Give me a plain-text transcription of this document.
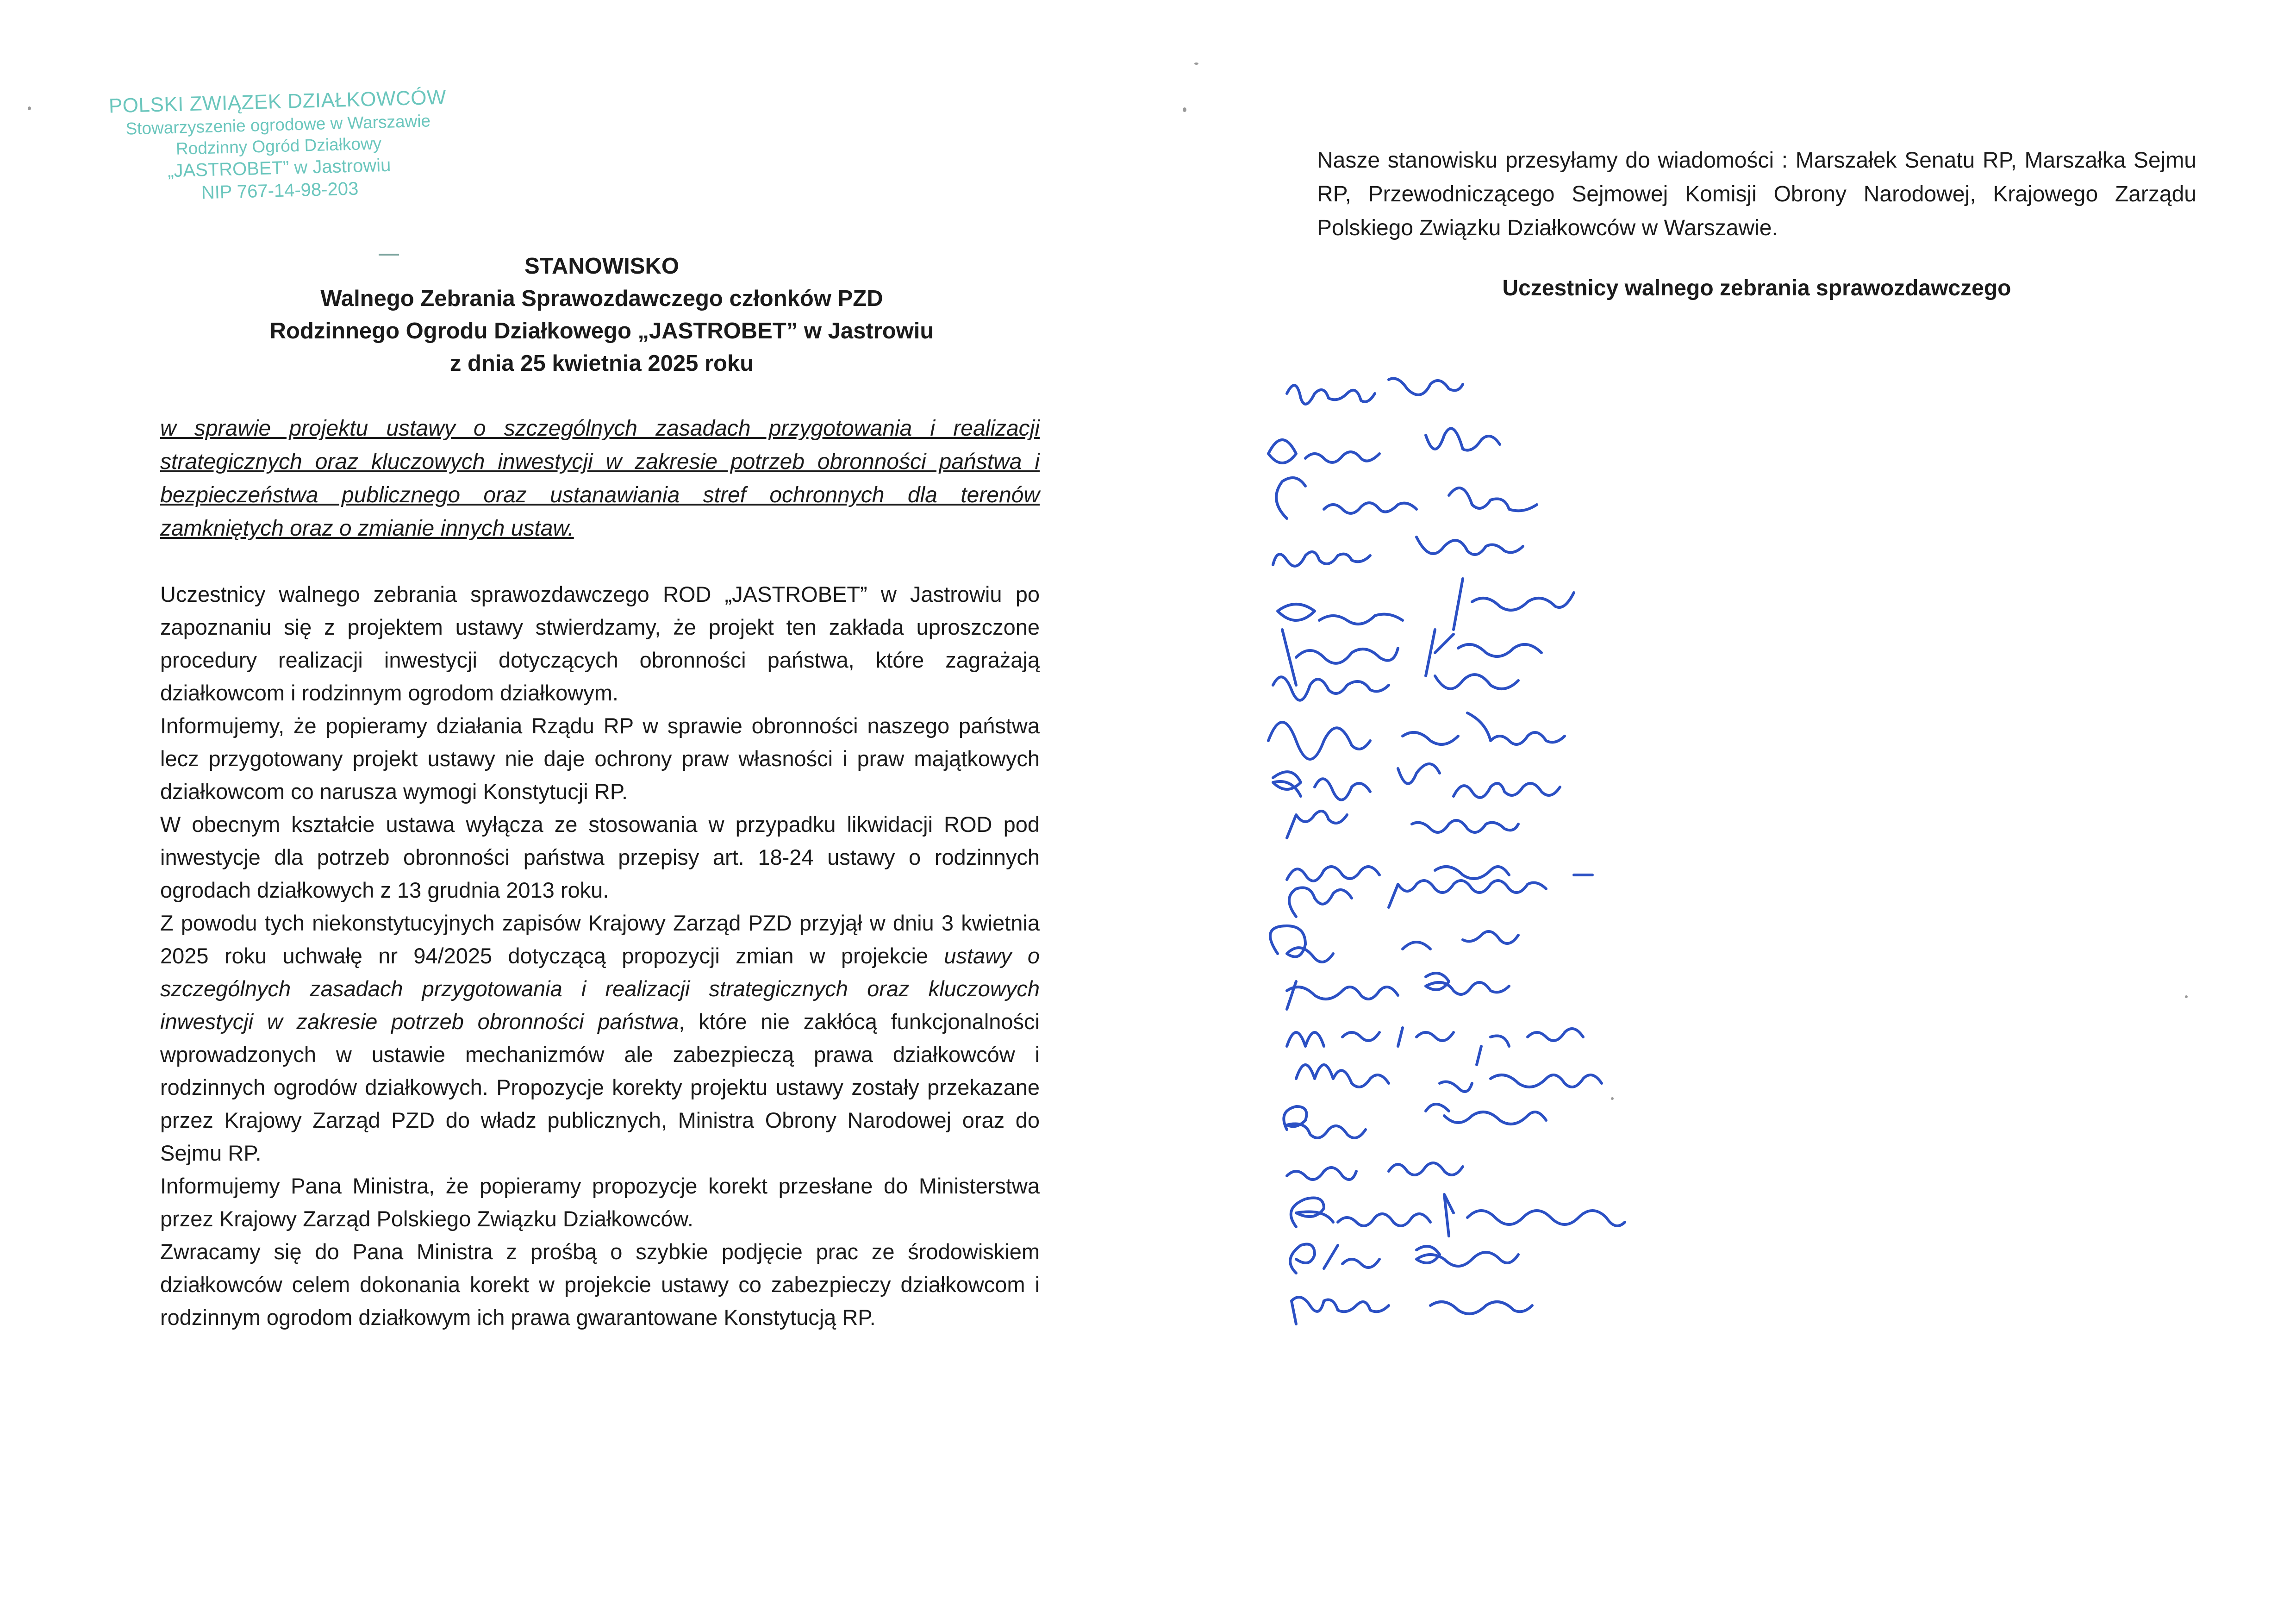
POLSKI ZWIĄZEK DZIAŁKOWCÓW
Stowarzyszenie ogrodowe w Warszawie
Rodzinny Ogród Działkowy
„JASTROBET” w Jastrowiu
NIP 767-14-98-203
STANOWISKO
Walnego Zebrania Sprawozdawczego członków PZD
Rodzinnego Ogrodu Działkowego „JASTROBET” w Jastrowiu
z dnia 25 kwietnia 2025 roku
w sprawie projektu ustawy o szczególnych zasadach przygotowania i realizacji strategicznych oraz kluczowych inwestycji w zakresie potrzeb obronności państwa i bezpieczeństwa publicznego oraz ustanawiania stref ochronnych dla terenów zamkniętych oraz o zmianie innych ustaw.

Uczestnicy walnego zebrania sprawozdawczego ROD „JASTROBET” w Jastrowiu po zapoznaniu się z projektem ustawy stwierdzamy, że projekt ten zakłada uproszczone procedury realizacji inwestycji dotyczących obronności państwa, które zagrażają działkowcom i rodzinnym ogrodom działkowym.

Informujemy, że popieramy działania Rządu RP w sprawie obronności naszego państwa lecz przygotowany projekt ustawy nie daje ochrony praw własności i praw majątkowych działkowcom co narusza wymogi Konstytucji RP.

W obecnym kształcie ustawa wyłącza ze stosowania w przypadku likwidacji ROD pod inwestycje dla potrzeb obronności państwa przepisy art. 18-24 ustawy o rodzinnych ogrodach działkowych z 13 grudnia 2013 roku.

Z powodu tych niekonstytucyjnych zapisów Krajowy Zarząd PZD przyjął w dniu 3 kwietnia 2025 roku uchwałę nr 94/2025 dotyczącą propozycji zmian w projekcie ustawy o szczególnych zasadach przygotowania i realizacji strategicznych oraz kluczowych inwestycji w zakresie potrzeb obronności państwa, które nie zakłócą funkcjonalności wprowadzonych w ustawie mechanizmów ale zabezpieczą prawa działkowców i rodzinnych ogrodów działkowych. Propozycje korekty projektu ustawy zostały przekazane przez Krajowy Zarząd PZD do władz publicznych, Ministra Obrony Narodowej oraz do Sejmu RP.

Informujemy Pana Ministra, że popieramy propozycje korekt przesłane do Ministerstwa przez Krajowy Zarząd Polskiego Związku Działkowców.

Zwracamy się do Pana Ministra z prośbą o szybkie podjęcie prac ze środowiskiem działkowców celem dokonania korekt w projekcie ustawy co zabezpieczy działkowcom i rodzinnym ogrodom działkowym ich prawa gwarantowane Konstytucją RP.

Nasze stanowisku przesyłamy do wiadomości : Marszałek Senatu RP, Marszałka Sejmu RP, Przewodniczącego Sejmowej Komisji Obrony Narodowej, Krajowego Zarządu Polskiego Związku Działkowców w Warszawie.
Uczestnicy walnego zebrania sprawozdawczego
